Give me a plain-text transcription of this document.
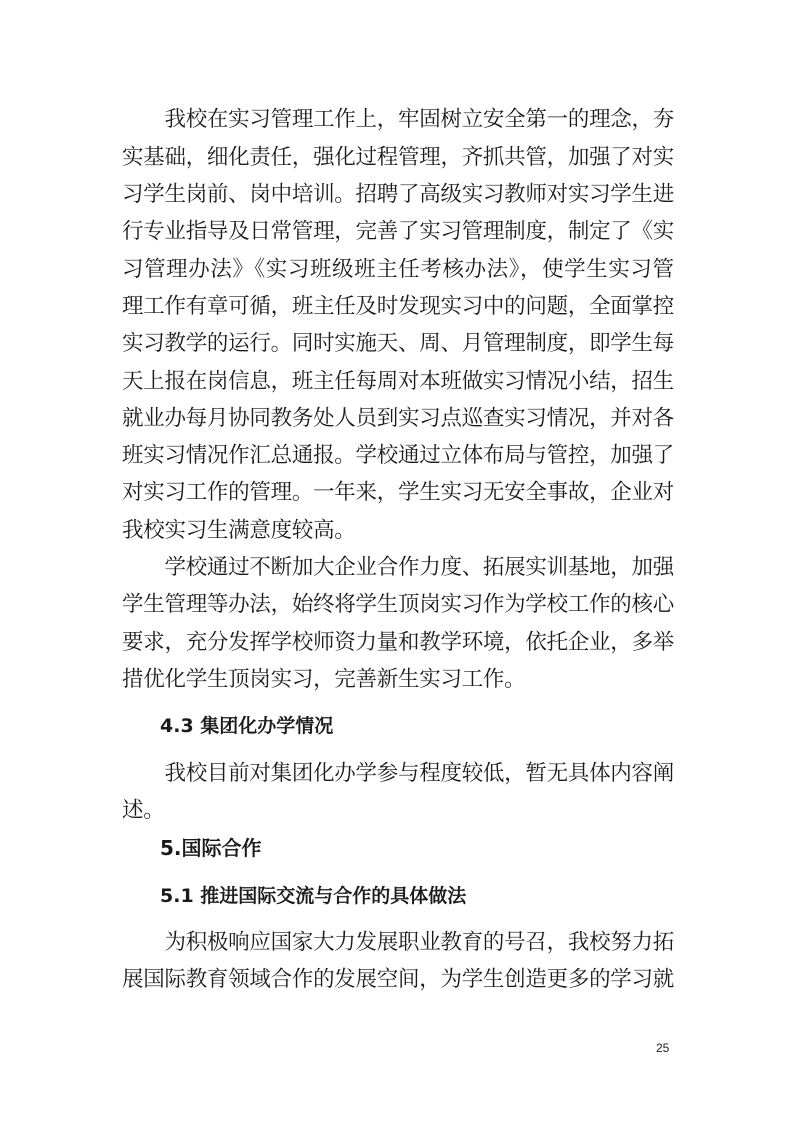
　　我校在实习管理工作上，牢固树立安全第一的理念，夯
实基础，细化责任，强化过程管理，齐抓共管，加强了对实
习学生岗前、岗中培训。招聘了高级实习教师对实习学生进
行专业指导及日常管理，完善了实习管理制度，制定了《实
习管理办法》《实习班级班主任考核办法》，使学生实习管
理工作有章可循，班主任及时发现实习中的问题，全面掌控
实习教学的运行。同时实施天、周、月管理制度，即学生每
天上报在岗信息，班主任每周对本班做实习情况小结，招生
就业办每月协同教务处人员到实习点巡查实习情况，并对各
班实习情况作汇总通报。学校通过立体布局与管控，加强了
对实习工作的管理。一年来，学生实习无安全事故，企业对
我校实习生满意度较高。
　　学校通过不断加大企业合作力度、拓展实训基地，加强
学生管理等办法，始终将学生顶岗实习作为学校工作的核心
要求，充分发挥学校师资力量和教学环境，依托企业，多举
措优化学生顶岗实习，完善新生实习工作。
4.3 集团化办学情况
　　我校目前对集团化办学参与程度较低，暂无具体内容阐
述。
5.国际合作
5.1 推进国际交流与合作的具体做法
　　为积极响应国家大力发展职业教育的号召，我校努力拓
展国际教育领域合作的发展空间，为学生创造更多的学习就
25
